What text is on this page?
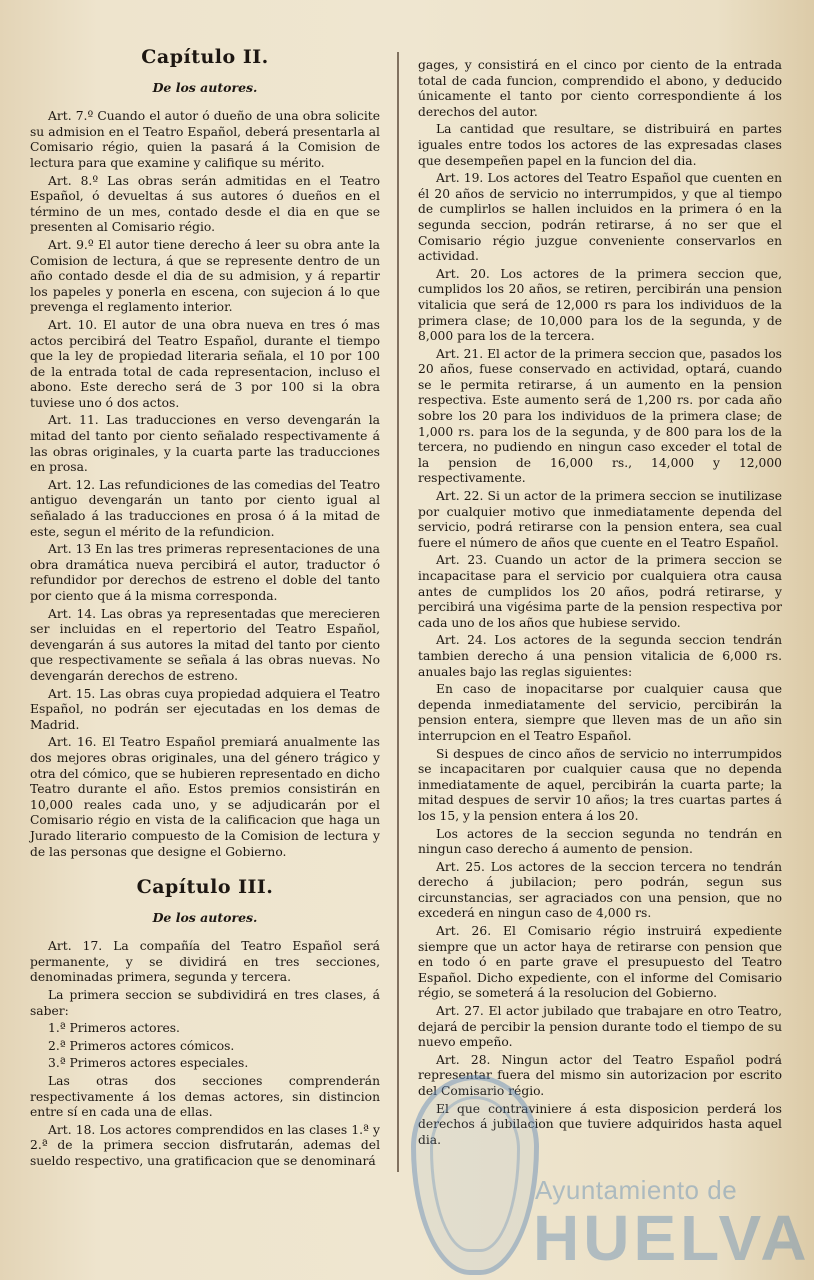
Capítulo II.
De los autores.

Art. 7.º Cuando el autor ó dueño de una obra solicite su admision en el Teatro Español, deberá presentarla al Comisario régio, quien la pasará á la Comision de lectura para que examine y califique su mérito.

Art. 8.º Las obras serán admitidas en el Teatro Español, ó devueltas á sus autores ó dueños en el término de un mes, contado desde el dia en que se presenten al Comisario régio.

Art. 9.º El autor tiene derecho á leer su obra ante la Comision de lectura, á que se represente dentro de un año contado desde el dia de su admision, y á repartir los papeles y ponerla en escena, con sujecion á lo que prevenga el reglamento interior.

Art. 10. El autor de una obra nueva en tres ó mas actos percibirá del Teatro Español, durante el tiempo que la ley de propiedad literaria señala, el 10 por 100 de la entrada total de cada representacion, incluso el abono. Este derecho será de 3 por 100 si la obra tuviese uno ó dos actos.

Art. 11. Las traducciones en verso devengarán la mitad del tanto por ciento señalado respectivamente á las obras originales, y la cuarta parte las traducciones en prosa.

Art. 12. Las refundiciones de las comedias del Teatro antiguo devengarán un tanto por ciento igual al señalado á las traducciones en prosa ó á la mitad de este, segun el mérito de la refundicion.

Art. 13 En las tres primeras representaciones de una obra dramática nueva percibirá el autor, traductor ó refundidor por derechos de estreno el doble del tanto por ciento que á la misma corresponda.

Art. 14. Las obras ya representadas que merecieren ser incluidas en el repertorio del Teatro Español, devengarán á sus autores la mitad del tanto por ciento que respectivamente se señala á las obras nuevas. No devengarán derechos de estreno.

Art. 15. Las obras cuya propiedad adquiera el Teatro Español, no podrán ser ejecutadas en los demas de Madrid.

Art. 16. El Teatro Español premiará anualmente las dos mejores obras originales, una del género trágico y otra del cómico, que se hubieren representado en dicho Teatro durante el año. Estos premios consistirán en 10,000 reales cada uno, y se adjudicarán por el Comisario régio en vista de la calificacion que haga un Jurado literario compuesto de la Comision de lectura y de las personas que designe el Gobierno.

Capítulo III.
De los autores.

Art. 17. La compañía del Teatro Español será permanente, y se dividirá en tres secciones, denominadas primera, segunda y tercera.

La primera seccion se subdividirá en tres clases, á saber:

1.ª Primeros actores.

2.ª Primeros actores cómicos.

3.ª Primeros actores especiales.

Las otras dos secciones comprenderán respectivamente á los demas actores, sin distincion entre sí en cada una de ellas.

Art. 18. Los actores comprendidos en las clases 1.ª y 2.ª de la primera seccion disfrutarán, ademas del sueldo respectivo, una gratificacion que se denominará

gages, y consistirá en el cinco por ciento de la entrada total de cada funcion, comprendido el abono, y deducido únicamente el tanto por ciento correspondiente á los derechos del autor.

La cantidad que resultare, se distribuirá en partes iguales entre todos los actores de las expresadas clases que desempeñen papel en la funcion del dia.

Art. 19. Los actores del Teatro Español que cuenten en él 20 años de servicio no interrumpidos, y que al tiempo de cumplirlos se hallen incluidos en la primera ó en la segunda seccion, podrán retirarse, á no ser que el Comisario régio juzgue conveniente conservarlos en actividad.

Art. 20. Los actores de la primera seccion que, cumplidos los 20 años, se retiren, percibirán una pension vitalicia que será de 12,000 rs para los individuos de la primera clase; de 10,000 para los de la segunda, y de 8,000 para los de la tercera.

Art. 21. El actor de la primera seccion que, pasados los 20 años, fuese conservado en actividad, optará, cuando se le permita retirarse, á un aumento en la pension respectiva. Este aumento será de 1,200 rs. por cada año sobre los 20 para los individuos de la primera clase; de 1,000 rs. para los de la segunda, y de 800 para los de la tercera, no pudiendo en ningun caso exceder el total de la pension de 16,000 rs., 14,000 y 12,000 respectivamente.

Art. 22. Si un actor de la primera seccion se inutilizase por cualquier motivo que inmediatamente dependa del servicio, podrá retirarse con la pension entera, sea cual fuere el número de años que cuente en el Teatro Español.

Art. 23. Cuando un actor de la primera seccion se incapacitase para el servicio por cualquiera otra causa antes de cumplidos los 20 años, podrá retirarse, y percibirá una vigésima parte de la pension respectiva por cada uno de los años que hubiese servido.

Art. 24. Los actores de la segunda seccion tendrán tambien derecho á una pension vitalicia de 6,000 rs. anuales bajo las reglas siguientes:

En caso de inopacitarse por cualquier causa que dependa inmediatamente del servicio, percibirán la pension entera, siempre que lleven mas de un año sin interrupcion en el Teatro Español.

Si despues de cinco años de servicio no interrumpidos se incapacitaren por cualquier causa que no dependa inmediatamente de aquel, percibirán la cuarta parte; la mitad despues de servir 10 años; la tres cuartas partes á los 15, y la pension entera á los 20.

Los actores de la seccion segunda no tendrán en ningun caso derecho á aumento de pension.

Art. 25. Los actores de la seccion tercera no tendrán derecho á jubilacion; pero podrán, segun sus circunstancias, ser agraciados con una pension, que no excederá en ningun caso de 4,000 rs.

Art. 26. El Comisario régio instruirá expediente siempre que un actor haya de retirarse con pension que en todo ó en parte grave el presupuesto del Teatro Español. Dicho expediente, con el informe del Comisario régio, se someterá á la resolucion del Gobierno.

Art. 27. El actor jubilado que trabajare en otro Teatro, dejará de percibir la pension durante todo el tiempo de su nuevo empeño.

Art. 28. Ningun actor del Teatro Español podrá representar fuera del mismo sin autorizacion por escrito del Comisario régio.

El que contraviniere á esta disposicion perderá los derechos á jubilacion que tuviere adquiridos hasta aquel dia.

Ayuntamiento de
HUELVA
